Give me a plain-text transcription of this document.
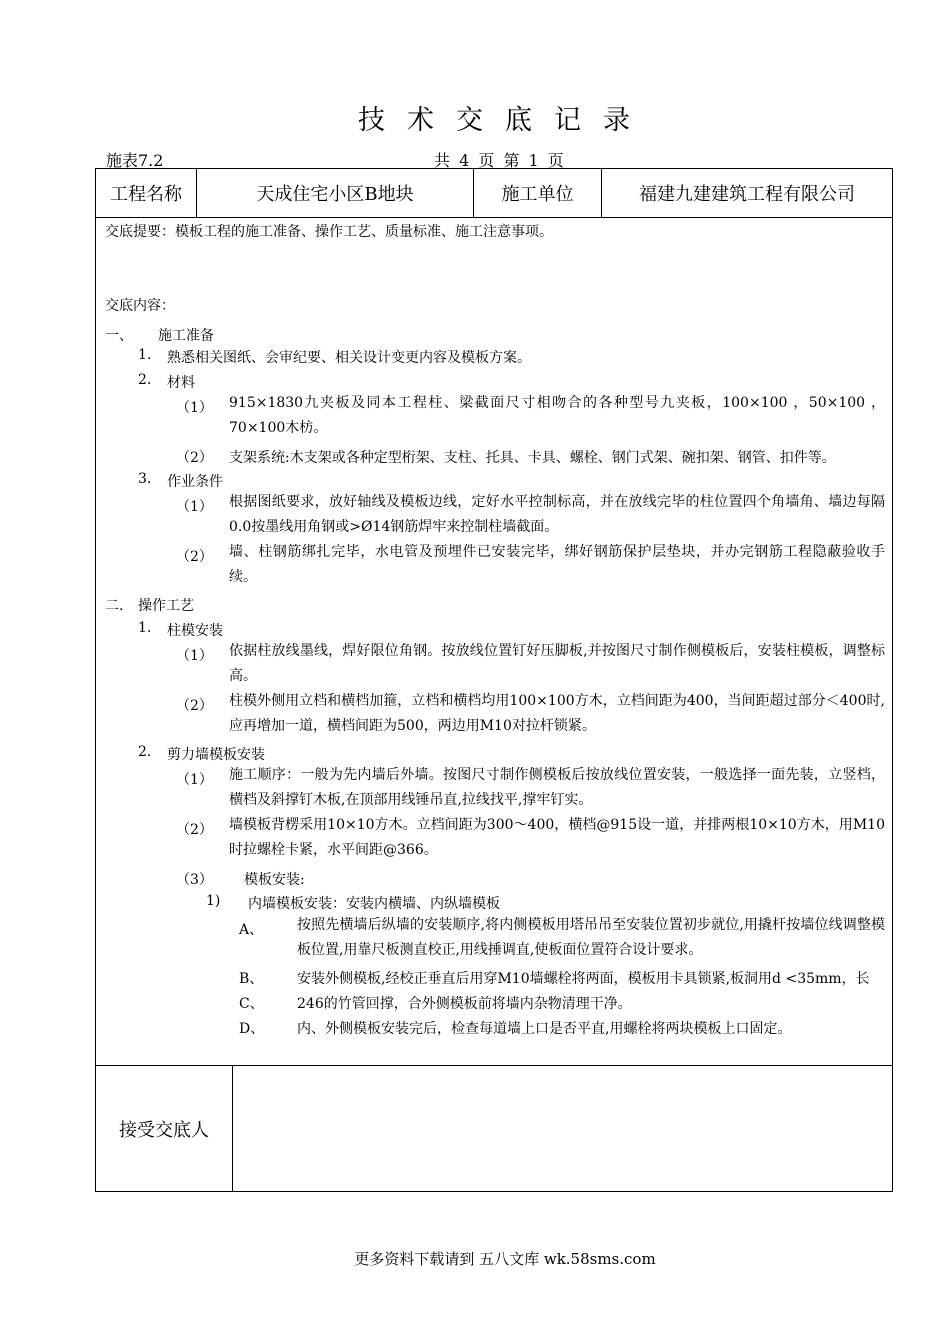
技术交底记录
施表7.2	共 4 页 第 1 页
工程名称	天成住宅小区B地块	施工单位	福建九建建筑工程有限公司
交底提要：模板工程的施工准备、操作工艺、质量标准、施工注意事项。
交底内容：
一、 施工准备
1. 熟悉相关图纸、会审纪要、相关设计变更内容及模板方案。
2. 材料
（1） 915×1830九夹板及同本工程柱、梁截面尺寸相吻合的各种型号九夹板，100×100 ，50×100 ，70×100木枋。
（2） 支架系统:木支架或各种定型桁架、支柱、托具、卡具、螺栓、钢门式架、碗扣架、钢管、扣件等。
3. 作业条件
（1） 根据图纸要求，放好轴线及模板边线，定好水平控制标高，并在放线完毕的柱位置四个角墙角、墙边每隔0.0按墨线用角钢或>Ø14钢筋焊牢来控制柱墙截面。
（2） 墙、柱钢筋绑扎完毕，水电管及预埋件已安装完毕，绑好钢筋保护层垫块，并办完钢筋工程隐蔽验收手续。
二. 操作工艺
1. 柱模安装
（1） 依据柱放线墨线，焊好限位角钢。按放线位置钉好压脚板,并按图尺寸制作侧模板后，安装柱模板，调整标高。
（2） 柱模外侧用立档和横档加箍，立档和横档均用100×100方木，立档间距为400，当间距超过部分＜400时,应再增加一道，横档间距为500，两边用M10对拉杆锁紧。
2. 剪力墙模板安装
（1） 施工顺序：一般为先内墙后外墙。按图尺寸制作侧模板后按放线位置安装，一般选择一面先装，立竖档，横档及斜撑钉木板,在顶部用线锤吊直,拉线找平,撑牢钉实。
（2） 墙模板背楞采用10×10方木。立档间距为300～400，横档@915设一道，并排两根10×10方木，用M10时拉螺栓卡紧，水平间距@366。
（3） 模板安装:
1) 内墙模板安装：安装内横墙、内纵墙模板
A、 按照先横墙后纵墙的安装顺序,将内侧模板用塔吊吊至安装位置初步就位,用撬杆按墙位线调整模板位置,用靠尺板测直校正,用线捶调直,使板面位置符合设计要求。
B、 安装外侧模板,经校正垂直后用穿M10墙螺栓将两面，模板用卡具锁紧,板洞用d <35mm，长
C、 246的竹管回撑，合外侧模板前将墙内杂物清理干净。
D、 内、外侧模板安装完后，检查每道墙上口是否平直,用螺栓将两块模板上口固定。
接受交底人
更多资料下载请到 五八文库 wk.58sms.com
